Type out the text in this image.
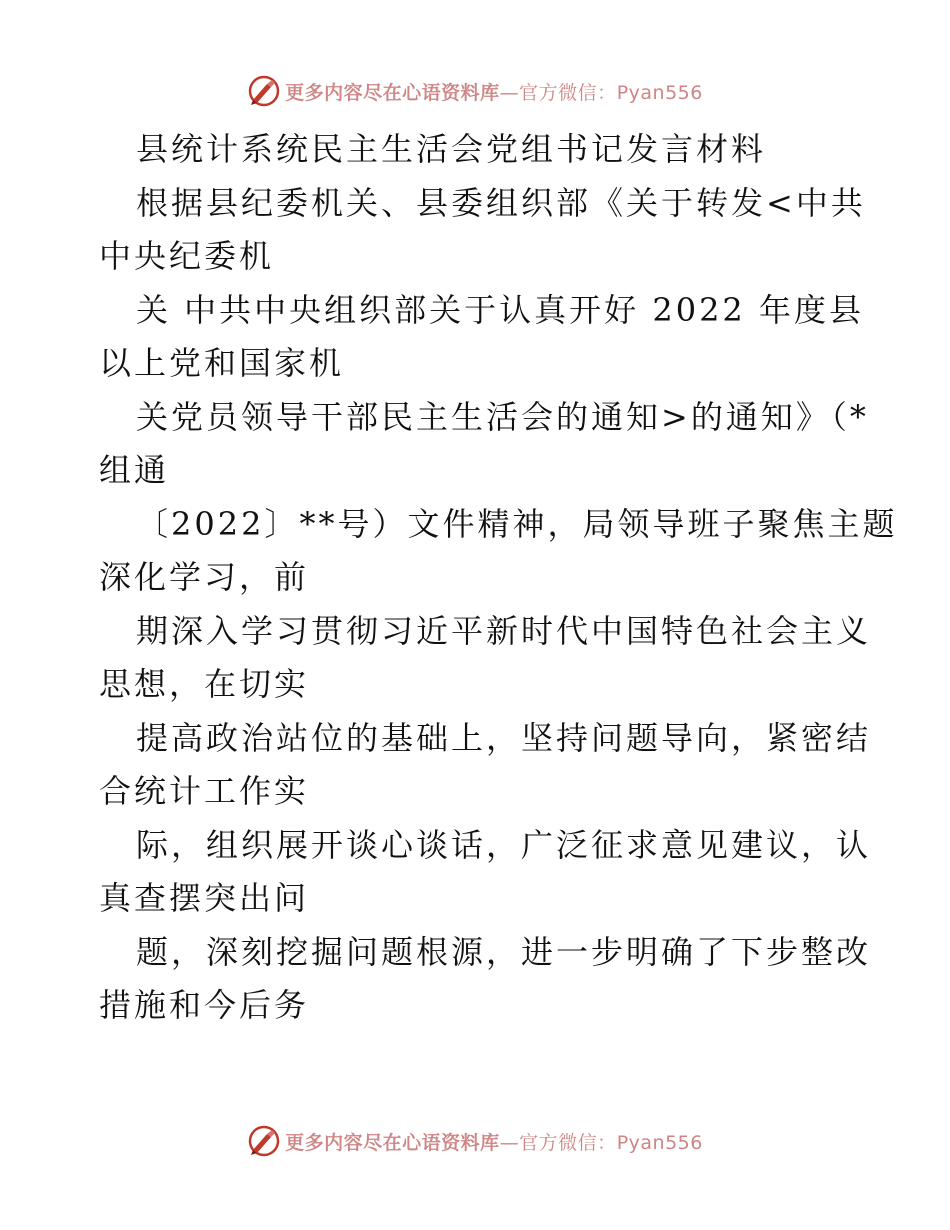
更多内容尽在心语资料库—官方微信：Pyan556
县统计系统民主生活会党组书记发言材料
根据县纪委机关、县委组织部《关于转发<中共
中央纪委机
关 中共中央组织部关于认真开好 2022 年度县
以上党和国家机
关党员领导干部民主生活会的通知>的通知》（*
组通
〔2022〕**号）文件精神，局领导班子聚焦主题
深化学习，前
期深入学习贯彻习近平新时代中国特色社会主义
思想，在切实
提高政治站位的基础上，坚持问题导向，紧密结
合统计工作实
际，组织展开谈心谈话，广泛征求意见建议，认
真查摆突出问
题，深刻挖掘问题根源，进一步明确了下步整改
措施和今后务
更多内容尽在心语资料库—官方微信：Pyan556
